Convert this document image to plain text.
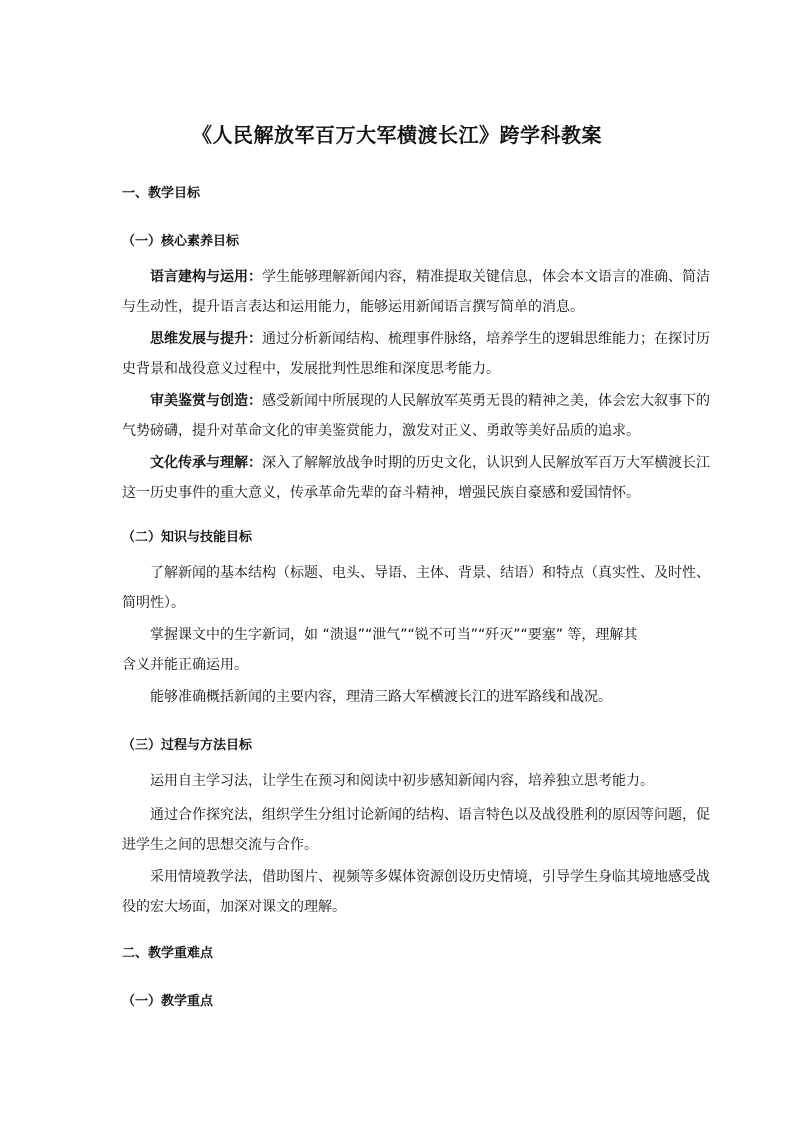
《人民解放军百万大军横渡长江》跨学科教案

一、教学目标

（一）核心素养目标

语言建构与运用：学生能够理解新闻内容，精准提取关键信息，体会本文语言的准确、简洁
与生动性，提升语言表达和运用能力，能够运用新闻语言撰写简单的消息。

思维发展与提升：通过分析新闻结构、梳理事件脉络，培养学生的逻辑思维能力；在探讨历
史背景和战役意义过程中，发展批判性思维和深度思考能力。

审美鉴赏与创造：感受新闻中所展现的人民解放军英勇无畏的精神之美，体会宏大叙事下的
气势磅礴，提升对革命文化的审美鉴赏能力，激发对正义、勇敢等美好品质的追求。

文化传承与理解：深入了解解放战争时期的历史文化，认识到人民解放军百万大军横渡长江
这一历史事件的重大意义，传承革命先辈的奋斗精神，增强民族自豪感和爱国情怀。

（二）知识与技能目标

了解新闻的基本结构（标题、电头、导语、主体、背景、结语）和特点（真实性、及时性、
简明性）。

掌握课文中的生字新词，如 “溃退”“泄气”“锐不可当”“歼灭”“要塞” 等，理解其
含义并能正确运用。

能够准确概括新闻的主要内容，理清三路大军横渡长江的进军路线和战况。

（三）过程与方法目标

运用自主学习法，让学生在预习和阅读中初步感知新闻内容，培养独立思考能力。

通过合作探究法，组织学生分组讨论新闻的结构、语言特色以及战役胜利的原因等问题，促
进学生之间的思想交流与合作。

采用情境教学法，借助图片、视频等多媒体资源创设历史情境，引导学生身临其境地感受战
役的宏大场面，加深对课文的理解。

二、教学重难点

（一）教学重点
